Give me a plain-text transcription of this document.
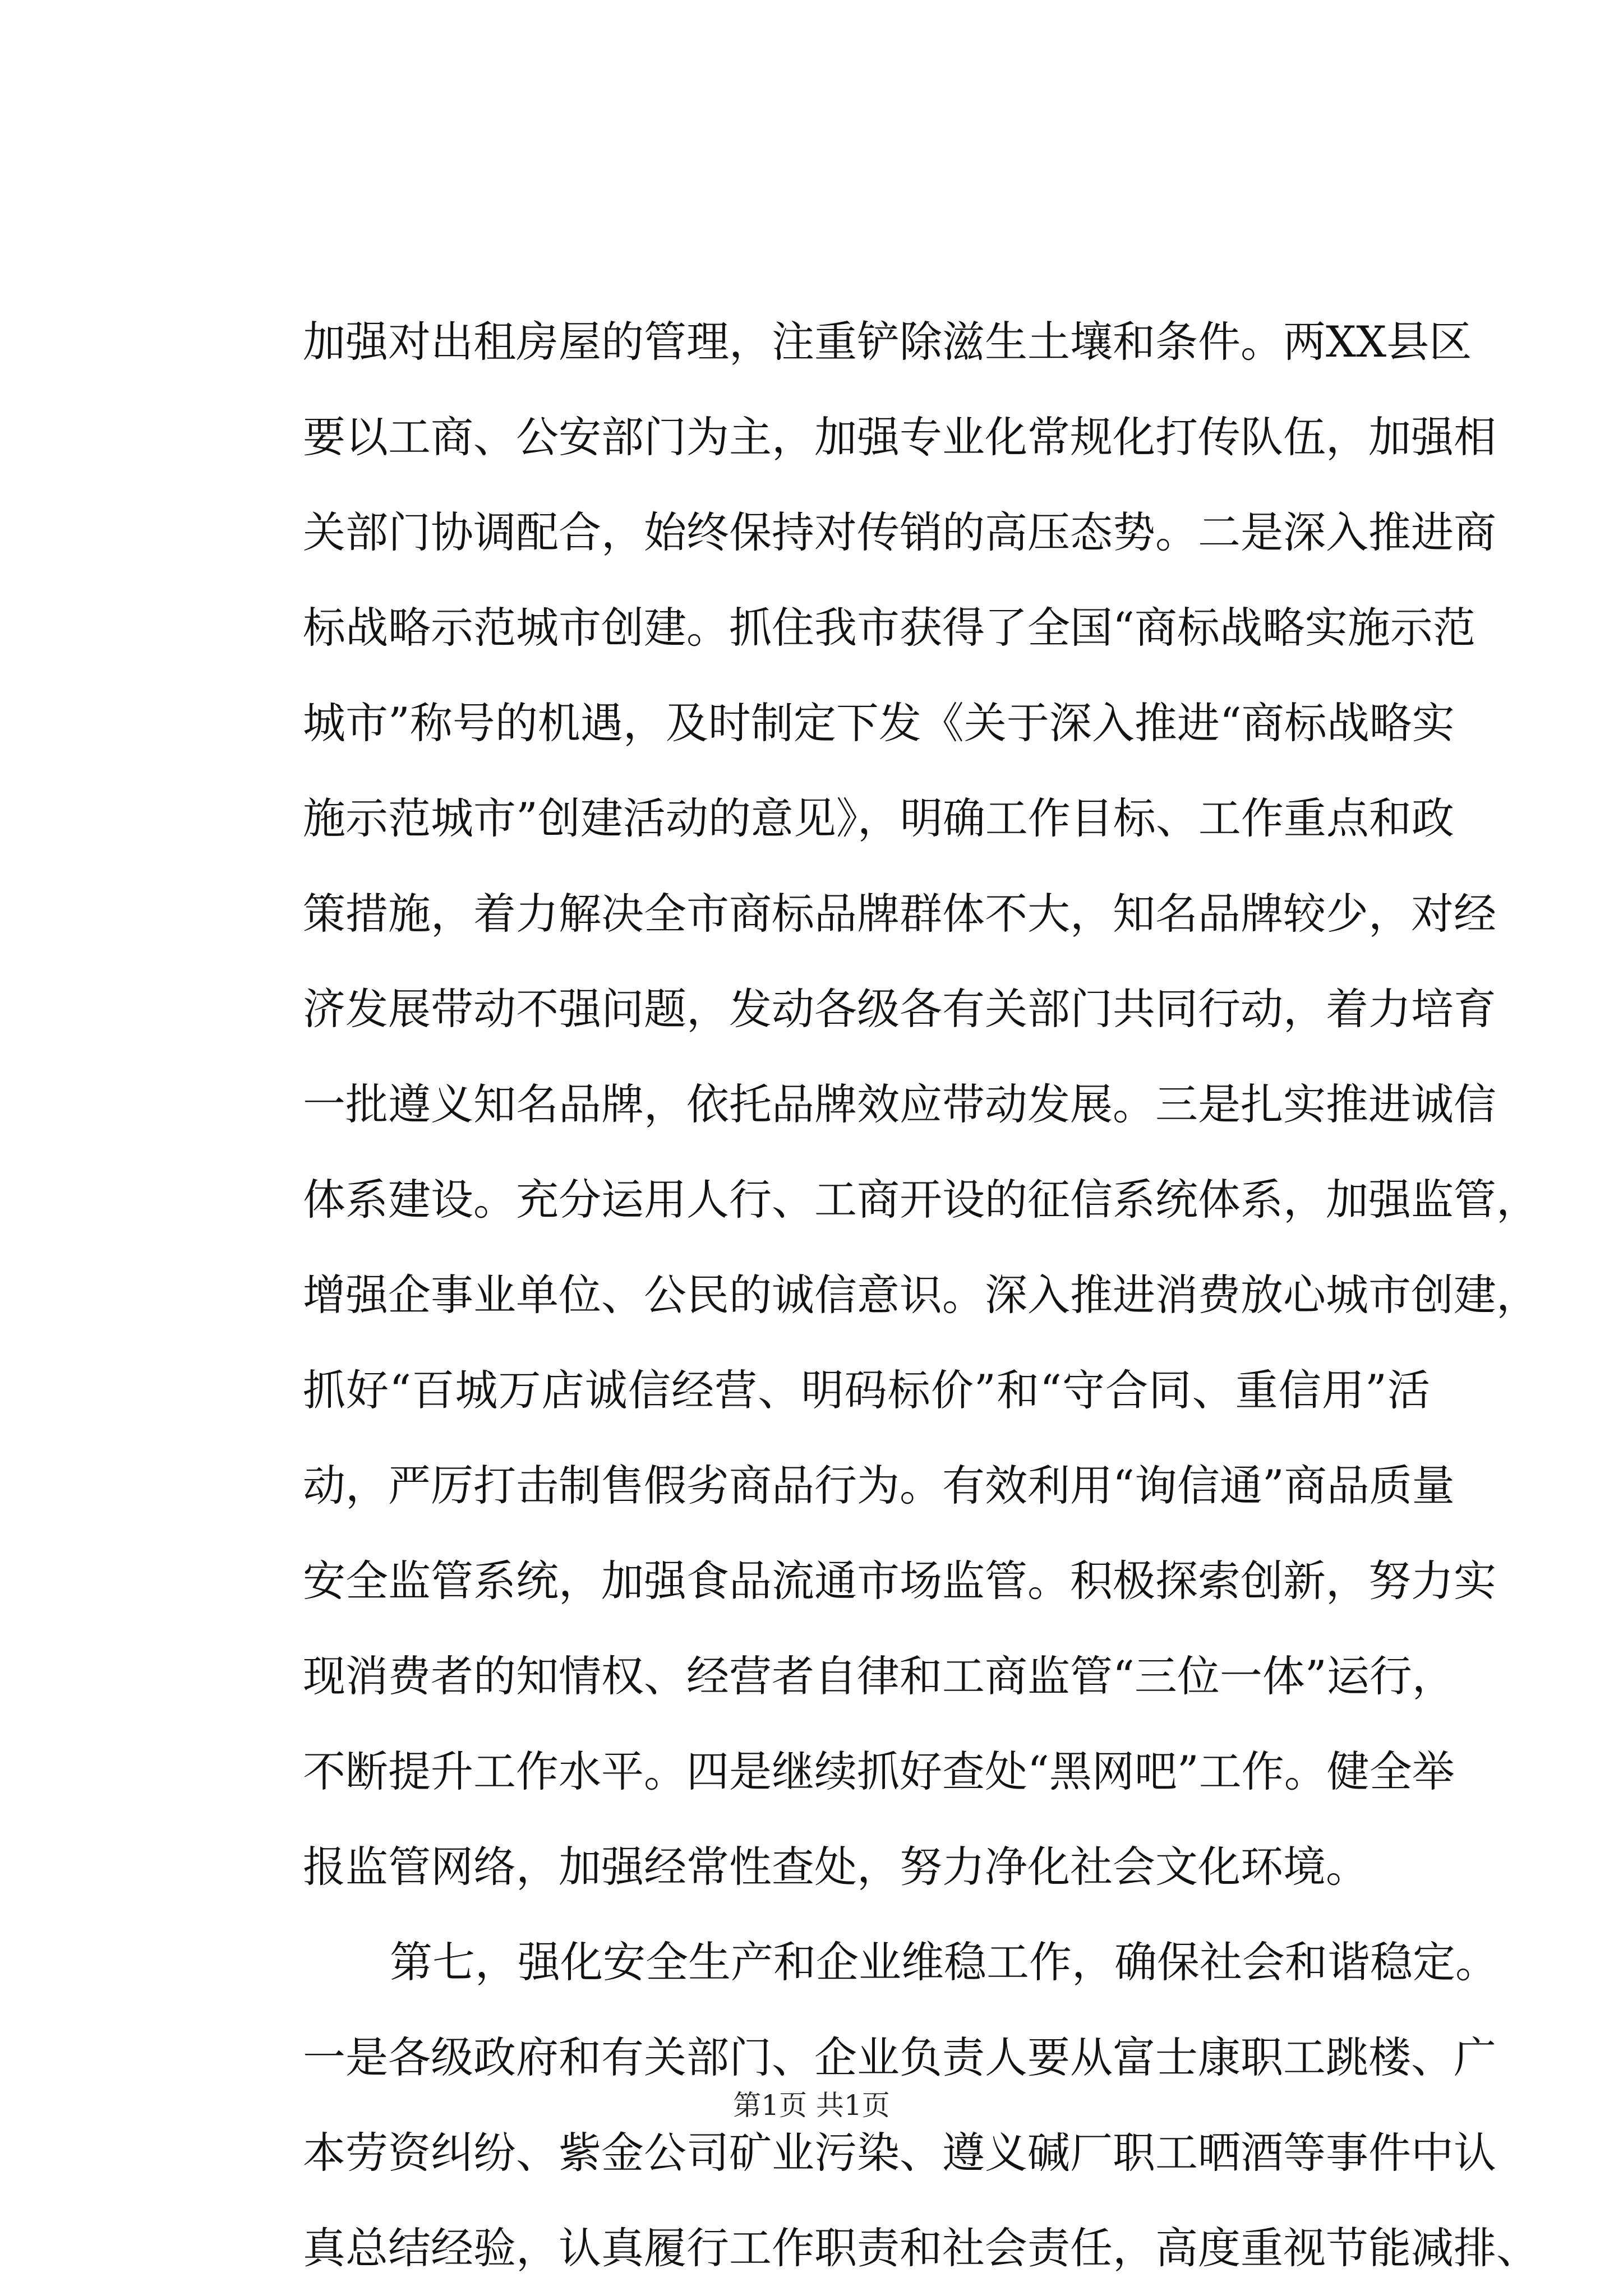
加强对出租房屋的管理，注重铲除滋生土壤和条件。两XX县区
要以工商、公安部门为主，加强专业化常规化打传队伍，加强相
关部门协调配合，始终保持对传销的高压态势。二是深入推进商
标战略示范城市创建。抓住我市获得了全国“商标战略实施示范
城市”称号的机遇，及时制定下发《关于深入推进“商标战略实
施示范城市”创建活动的意见》，明确工作目标、工作重点和政
策措施，着力解决全市商标品牌群体不大，知名品牌较少，对经
济发展带动不强问题，发动各级各有关部门共同行动，着力培育
一批遵义知名品牌，依托品牌效应带动发展。三是扎实推进诚信
体系建设。充分运用人行、工商开设的征信系统体系，加强监管，
增强企事业单位、公民的诚信意识。深入推进消费放心城市创建，
抓好“百城万店诚信经营、明码标价”和“守合同、重信用”活
动，严厉打击制售假劣商品行为。有效利用“询信通”商品质量
安全监管系统，加强食品流通市场监管。积极探索创新，努力实
现消费者的知情权、经营者自律和工商监管“三位一体”运行，
不断提升工作水平。四是继续抓好查处“黑网吧”工作。健全举
报监管网络，加强经常性查处，努力净化社会文化环境。
第七，强化安全生产和企业维稳工作，确保社会和谐稳定。
一是各级政府和有关部门、企业负责人要从富士康职工跳楼、广
本劳资纠纷、紫金公司矿业污染、遵义碱厂职工晒酒等事件中认
真总结经验，认真履行工作职责和社会责任，高度重视节能减排、
第1页 共1页
